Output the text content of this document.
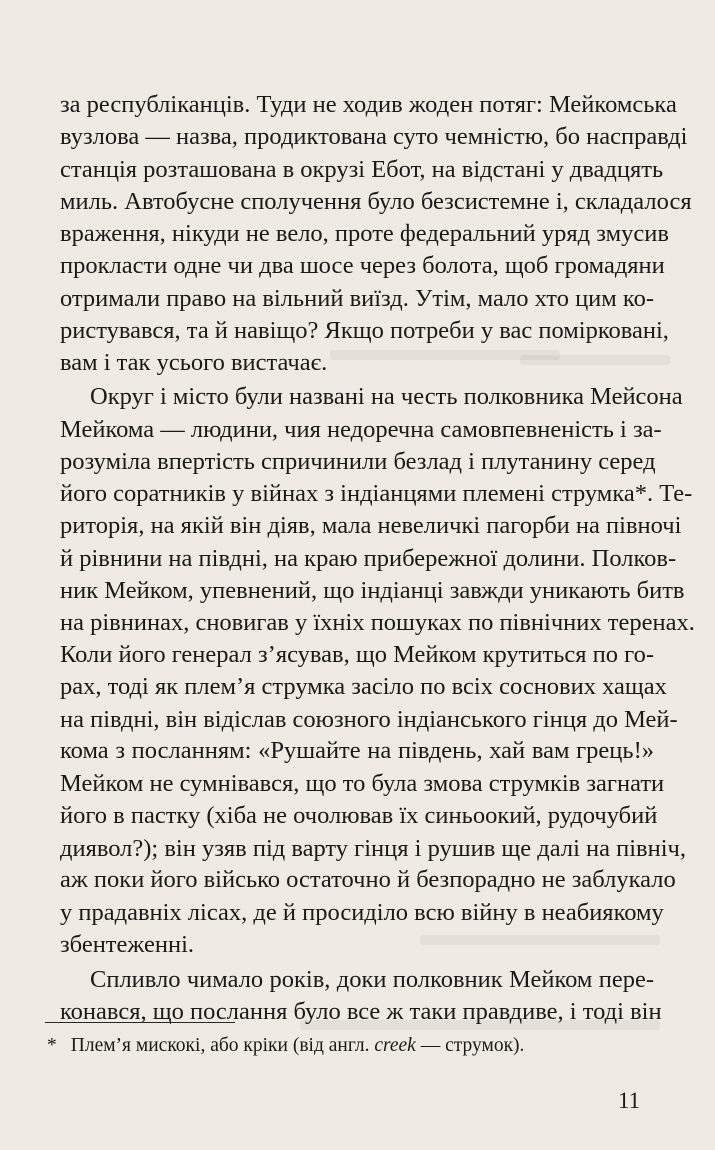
за республіканців. Туди не ходив жоден потяг: Мейкомська
вузлова — назва, продиктована суто чемністю, бо насправді
станція розташована в окрузі Ебот, на відстані у двадцять
миль. Автобусне сполучення було безсистемне і, складалося
враження, нікуди не вело, проте федеральний уряд змусив
прокласти одне чи два шосе через болота, щоб громадяни
отримали право на вільний виїзд. Утім, мало хто цим ко-
ристувався, та й навіщо? Якщо потреби у вас поміркованi,
вам і так усього вистачає.
Округ і місто були названі на честь полковника Мейсона
Мейкома — людини, чия недоречна самовпевненість і за-
розуміла впертість спричинили безлад і плутанину серед
його соратників у війнах з індіанцями племені струмка*. Те-
риторія, на якій він діяв, мала невеличкі пагорби на півночі
й рівнини на півдні, на краю прибережної долини. Полков-
ник Мейком, упевнений, що індіанці завжди уникають битв
на рівнинах, сновигав у їхніх пошуках по північних теренах.
Коли його генерал з’ясував, що Мейком крутиться по го-
рах, тоді як плем’я струмка засіло по всіх соснових хащах
на півдні, він відіслав союзного індіанського гінця до Мей-
кома з посланням: «Рушайте на південь, хай вам грець!»
Мейком не сумнівався, що то була змова струмків загнати
його в пастку (хіба не очолював їх синьоокий, рудочубий
диявол?); він узяв під варту гінця і рушив ще далі на північ,
аж поки його військо остаточно й безпорадно не заблукало
у прадавніх лісах, де й просиділо всю війну в неабиякому
збентеженні.
Спливло чимало років, доки полковник Мейком пере-
конався, що послання було все ж таки правдиве, і тоді він
* Плем’я мискокі, або кріки (від англ. creek — струмок).
11
